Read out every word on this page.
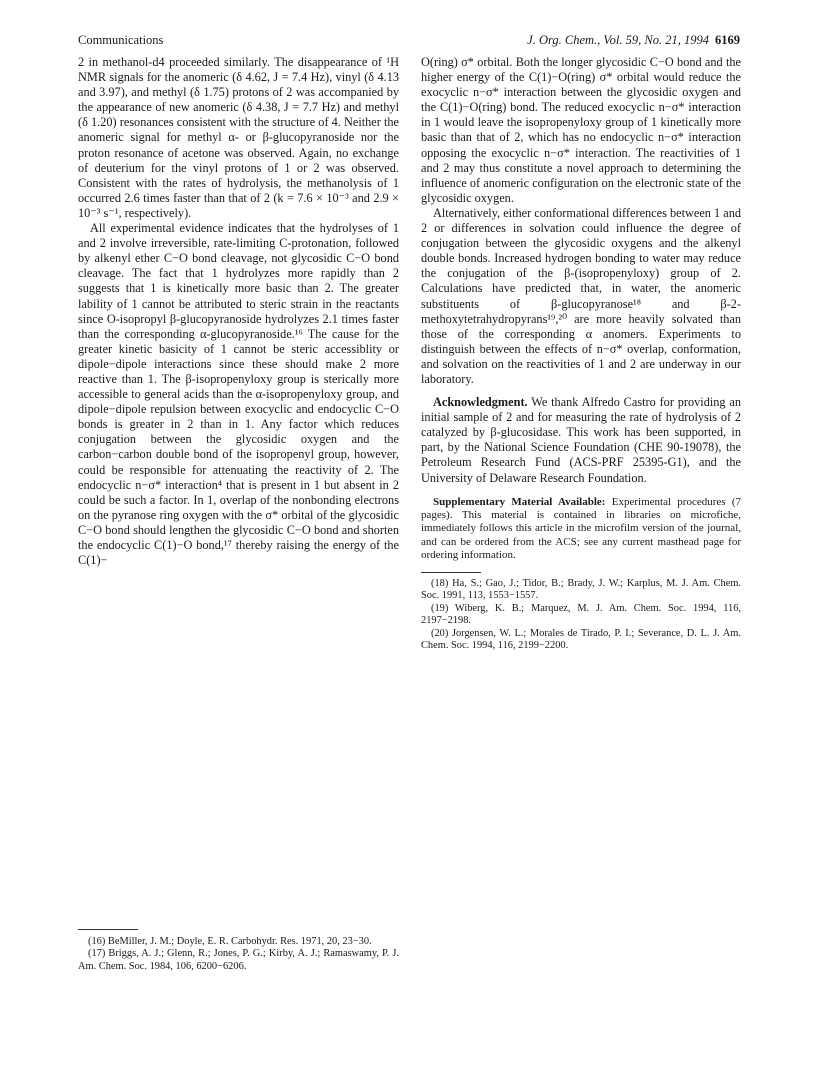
Communications	J. Org. Chem., Vol. 59, No. 21, 1994 6169

2 in methanol-d4 proceeded similarly. The disappearance of ¹H NMR signals for the anomeric (δ 4.62, J = 7.4 Hz), vinyl (δ 4.13 and 3.97), and methyl (δ 1.75) protons of 2 was accompanied by the appearance of new anomeric (δ 4.38, J = 7.7 Hz) and methyl (δ 1.20) resonances consistent with the structure of 4. Neither the anomeric signal for methyl α- or β-glucopyranoside nor the proton resonance of acetone was observed. Again, no exchange of deuterium for the vinyl protons of 1 or 2 was observed. Consistent with the rates of hydrolysis, the methanolysis of 1 occurred 2.6 times faster than that of 2 (k = 7.6 × 10⁻³ and 2.9 × 10⁻³ s⁻¹, respectively).

All experimental evidence indicates that the hydrolyses of 1 and 2 involve irreversible, rate-limiting C-protonation, followed by alkenyl ether C−O bond cleavage, not glycosidic C−O bond cleavage. The fact that 1 hydrolyzes more rapidly than 2 suggests that 1 is kinetically more basic than 2. The greater lability of 1 cannot be attributed to steric strain in the reactants since O-isopropyl β-glucopyranoside hydrolyzes 2.1 times faster than the corresponding α-glucopyranoside.¹⁶ The cause for the greater kinetic basicity of 1 cannot be steric accessiblity or dipole−dipole interactions since these should make 2 more reactive than 1. The β-isopropenyloxy group is sterically more accessible to general acids than the α-isopropenyloxy group, and dipole−dipole repulsion between exocyclic and endocyclic C−O bonds is greater in 2 than in 1. Any factor which reduces conjugation between the glycosidic oxygen and the carbon−carbon double bond of the isopropenyl group, however, could be responsible for attenuating the reactivity of 2. The endocyclic n−σ* interaction⁴ that is present in 1 but absent in 2 could be such a factor. In 1, overlap of the nonbonding electrons on the pyranose ring oxygen with the σ* orbital of the glycosidic C−O bond should lengthen the glycosidic C−O bond and shorten the endocyclic C(1)−O bond,¹⁷ thereby raising the energy of the C(1)−

(16) BeMiller, J. M.; Doyle, E. R. Carbohydr. Res. 1971, 20, 23−30.

(17) Briggs, A. J.; Glenn, R.; Jones, P. G.; Kirby, A. J.; Ramaswamy, P. J. Am. Chem. Soc. 1984, 106, 6200−6206.

O(ring) σ* orbital. Both the longer glycosidic C−O bond and the higher energy of the C(1)−O(ring) σ* orbital would reduce the exocyclic n−σ* interaction between the glycosidic oxygen and the C(1)−O(ring) bond. The reduced exocyclic n−σ* interaction in 1 would leave the isopropenyloxy group of 1 kinetically more basic than that of 2, which has no endocyclic n−σ* interaction opposing the exocyclic n−σ* interaction. The reactivities of 1 and 2 may thus constitute a novel approach to determining the influence of anomeric configuration on the electronic state of the glycosidic oxygen.

Alternatively, either conformational differences between 1 and 2 or differences in solvation could influence the degree of conjugation between the glycosidic oxygens and the alkenyl double bonds. Increased hydrogen bonding to water may reduce the conjugation of the β-(isopropenyloxy) group of 2. Calculations have predicted that, in water, the anomeric substituents of β-glucopyranose¹⁸ and β-2-methoxytetrahydropyrans¹⁹,²⁰ are more heavily solvated than those of the corresponding α anomers. Experiments to distinguish between the effects of n−σ* overlap, conformation, and solvation on the reactivities of 1 and 2 are underway in our laboratory.

Acknowledgment. We thank Alfredo Castro for providing an initial sample of 2 and for measuring the rate of hydrolysis of 2 catalyzed by β-glucosidase. This work has been supported, in part, by the National Science Foundation (CHE 90-19078), the Petroleum Research Fund (ACS-PRF 25395-G1), and the University of Delaware Research Foundation.

Supplementary Material Available: Experimental procedures (7 pages). This material is contained in libraries on microfiche, immediately follows this article in the microfilm version of the journal, and can be ordered from the ACS; see any current masthead page for ordering information.

(18) Ha, S.; Gao, J.; Tidor, B.; Brady, J. W.; Karplus, M. J. Am. Chem. Soc. 1991, 113, 1553−1557.

(19) Wiberg, K. B.; Marquez, M. J. Am. Chem. Soc. 1994, 116, 2197−2198.

(20) Jorgensen, W. L.; Morales de Tirado, P. I.; Severance, D. L. J. Am. Chem. Soc. 1994, 116, 2199−2200.
